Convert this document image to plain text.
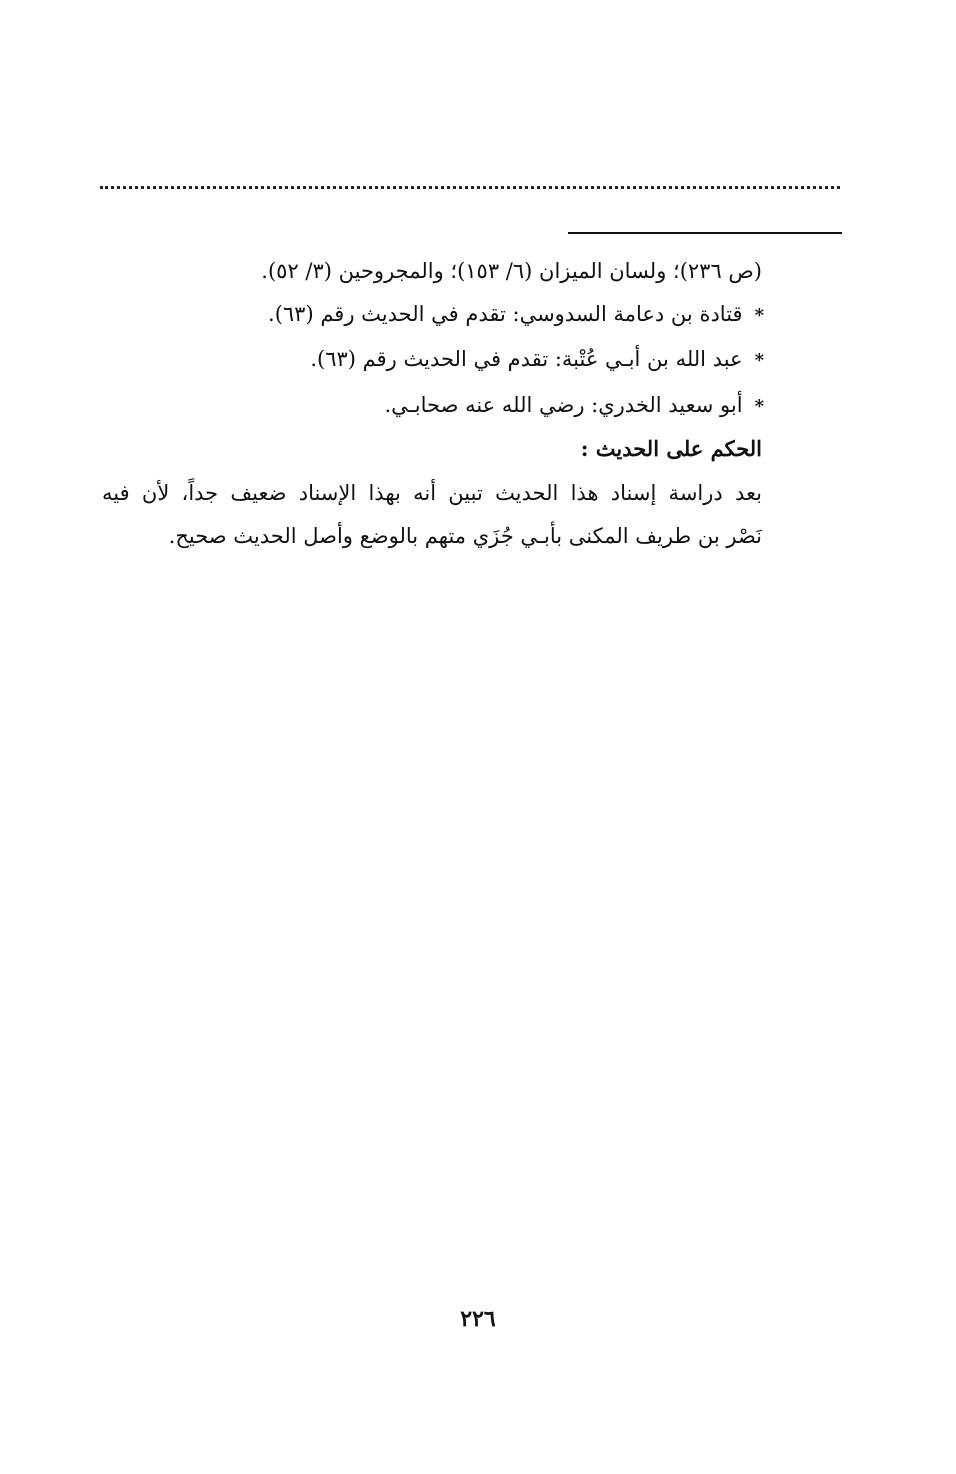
(ص ٢٣٦)؛ ولسان الميزان (٦/ ١٥٣)؛ والمجروحين (٣/ ٥٢).
*قتادة بن دعامة السدوسي: تقدم في الحديث رقم (٦٣).
*عبد الله بن أبـي عُتْبة: تقدم في الحديث رقم (٦٣).
*أبو سعيد الخدري: رضي الله عنه صحابـي.
الحكم على الحديث :
بعد دراسة إسناد هذا الحديث تبين أنه بهذا الإسناد ضعيف جداً، لأن فيه
نَصْر بن طريف المكنى بأبـي جُزَي متهم بالوضع وأصل الحديث صحيح.
٢٢٦
